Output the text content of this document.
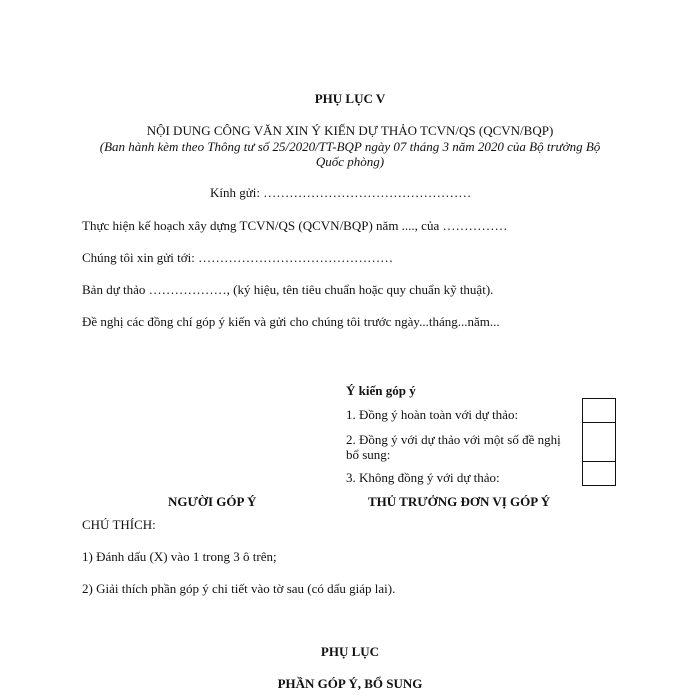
PHỤ LỤC V
NỘI DUNG CÔNG VĂN XIN Ý KIẾN DỰ THẢO TCVN/QS (QCVN/BQP)
(Ban hành kèm theo Thông tư số 25/2020/TT-BQP ngày 07 tháng 3 năm 2020 của Bộ trưởng Bộ
Quốc phòng)
Kính gửi: …………………………………………
Thực hiện kế hoạch xây dựng TCVN/QS (QCVN/BQP) năm ...., của ……………
Chúng tôi xin gửi tới: ………………………………………
Bản dự thảo ………………, (ký hiệu, tên tiêu chuẩn hoặc quy chuẩn kỹ thuật).
Đề nghị các đồng chí góp ý kiến và gửi cho chúng tôi trước ngày...tháng...năm...
Ý kiến góp ý
1. Đồng ý hoàn toàn với dự thảo:
2. Đồng ý với dự thảo với một số đề nghị
bổ sung:
3. Không đồng ý với dự thảo:
NGƯỜI GÓP Ý	THỦ TRƯỞNG ĐƠN VỊ GÓP Ý
CHÚ THÍCH:
1) Đánh dấu (X) vào 1 trong 3 ô trên;
2) Giải thích phần góp ý chi tiết vào tờ sau (có dấu giáp lai).
PHỤ LỤC
PHẦN GÓP Ý, BỔ SUNG
